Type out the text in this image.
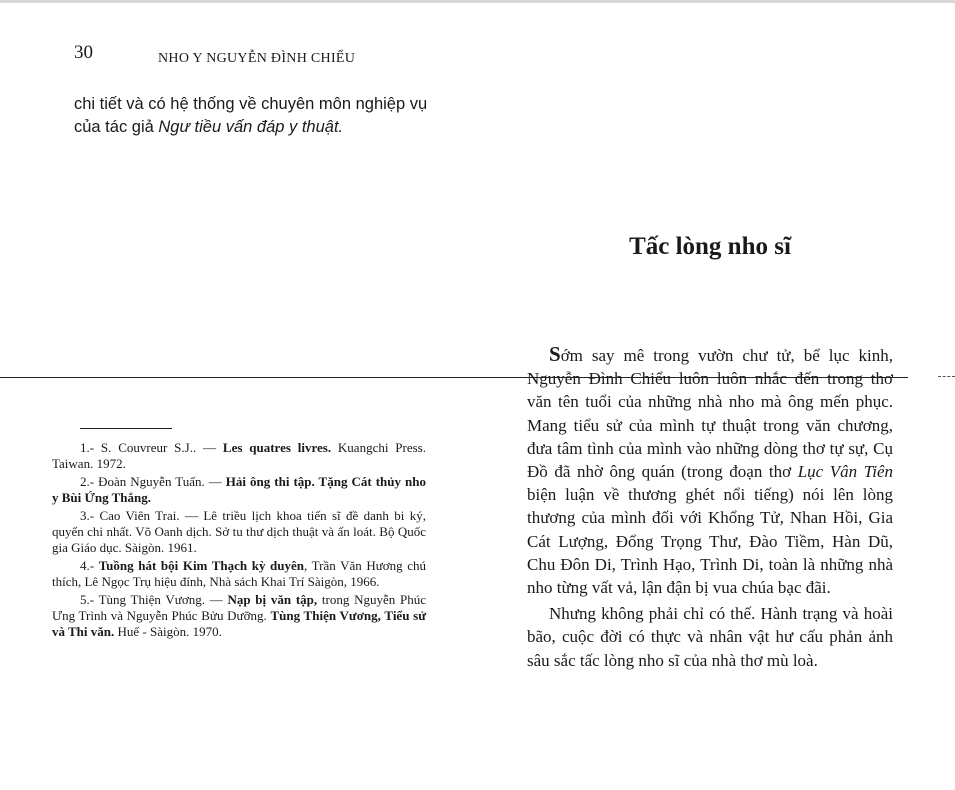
30	NHO Y NGUYỄN ĐÌNH CHIỂU

chi tiết và có hệ thống về chuyên môn nghiệp vụ của tác giả Ngư tiều vấn đáp y thuật.

1.- S. Couvreur S.J.. — Les quatres livres. Kuangchi Press. Taiwan. 1972.

2.- Đoàn Nguyễn Tuấn. — Hải ông thi tập. Tặng Cát thủy nho y Bùi Ứng Thắng.

3.- Cao Viên Trai. — Lê triều lịch khoa tiến sĩ đề danh bi ký, quyển chi nhất. Võ Oanh dịch. Sở tu thư dịch thuật và ấn loát. Bộ Quốc gia Giáo dục. Sàigòn. 1961.

4.- Tuồng hát bội Kim Thạch kỳ duyên, Trần Văn Hương chú thích, Lê Ngọc Trụ hiệu đính, Nhà sách Khai Trí Sàigòn, 1966.

5.- Tùng Thiện Vương. — Nạp bị văn tập, trong Nguyễn Phúc Ưng Trình và Nguyễn Phúc Bửu Dưỡng. Tùng Thiện Vương, Tiểu sử và Thi văn. Huế - Sàigòn. 1970.

Tấc lòng nho sĩ

Sớm say mê trong vườn chư tử, bể lục kinh, Nguyễn Đình Chiểu luôn luôn nhắc đến trong thơ văn tên tuổi của những nhà nho mà ông mến phục. Mang tiểu sử của mình tự thuật trong văn chương, đưa tâm tình của mình vào những dòng thơ tự sự, Cụ Đồ đã nhờ ông quán (trong đoạn thơ Lục Vân Tiên biện luận về thương ghét nổi tiếng) nói lên lòng thương của mình đối với Khổng Tử, Nhan Hồi, Gia Cát Lượng, Đổng Trọng Thư, Đào Tiềm, Hàn Dũ, Chu Đôn Di, Trình Hạo, Trình Di, toàn là những nhà nho từng vất vả, lận đận bị vua chúa bạc đãi.

Nhưng không phải chỉ có thế. Hành trạng và hoài bão, cuộc đời có thực và nhân vật hư cấu phản ảnh sâu sắc tấc lòng nho sĩ của nhà thơ mù loà.
